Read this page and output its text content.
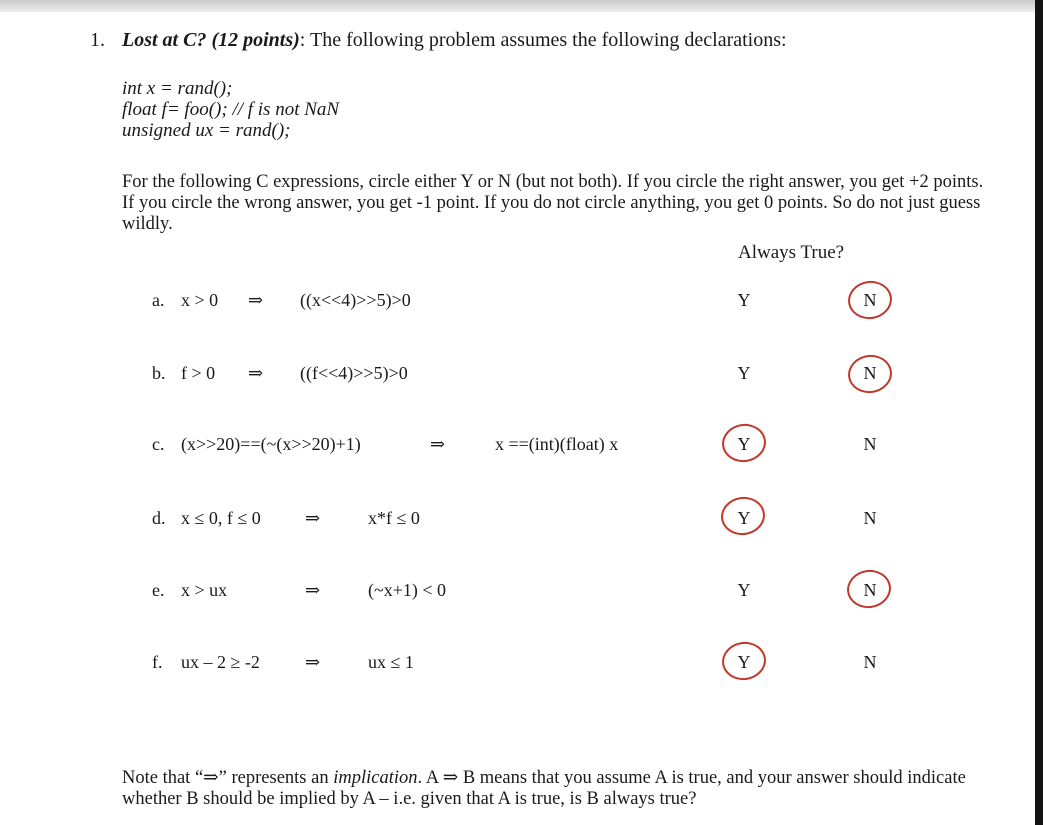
1. Lost at C? (12 points): The following problem assumes the following declarations:
int x = rand();
float f= foo(); // f is not NaN
unsigned ux = rand();
For the following C expressions, circle either Y or N (but not both). If you circle the right answer, you get +2 points. If you circle the wrong answer, you get -1 point. If you do not circle anything, you get 0 points. So do not just guess wildly.
Always True?
a. x > 0 ⇒ ((x<<4)>>5)>0	Y	N
b. f > 0 ⇒ ((f<<4)>>5)>0	Y	N
c. (x>>20)==(~(x>>20)+1)	⇒	x ==(int)(float) x	Y	N
d. x ≤ 0, f ≤ 0 ⇒	x*f ≤ 0	Y	N
e. x > ux	⇒	(~x+1) < 0	Y	N
f. ux – 2 ≥ -2	⇒	ux ≤ 1	Y	N
Note that “⇒” represents an implication. A ⇒ B means that you assume A is true, and your answer should indicate whether B should be implied by A – i.e. given that A is true, is B always true?
